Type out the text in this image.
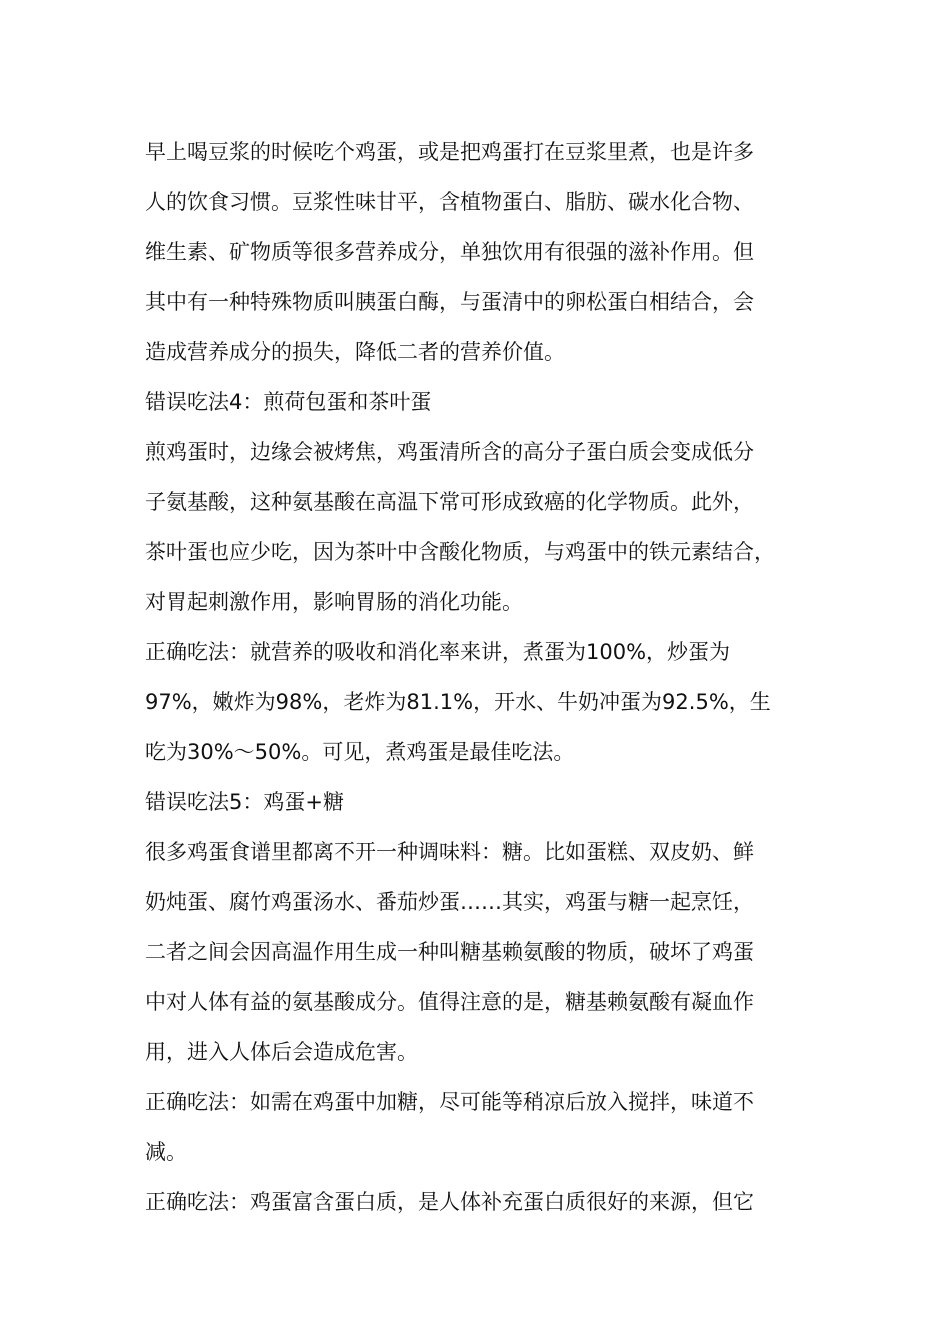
早上喝豆浆的时候吃个鸡蛋，或是把鸡蛋打在豆浆里煮，也是许多
人的饮食习惯。豆浆性味甘平，含植物蛋白、脂肪、碳水化合物、
维生素、矿物质等很多营养成分，单独饮用有很强的滋补作用。但
其中有一种特殊物质叫胰蛋白酶，与蛋清中的卵松蛋白相结合，会
造成营养成分的损失，降低二者的营养价值。
错误吃法4：煎荷包蛋和茶叶蛋
煎鸡蛋时，边缘会被烤焦，鸡蛋清所含的高分子蛋白质会变成低分
子氨基酸，这种氨基酸在高温下常可形成致癌的化学物质。此外，
茶叶蛋也应少吃，因为茶叶中含酸化物质，与鸡蛋中的铁元素结合，
对胃起刺激作用，影响胃肠的消化功能。
正确吃法：就营养的吸收和消化率来讲，煮蛋为100%，炒蛋为
97%，嫩炸为98%，老炸为81.1%，开水、牛奶冲蛋为92.5%，生
吃为30%～50%。可见，煮鸡蛋是最佳吃法。
错误吃法5：鸡蛋+糖
很多鸡蛋食谱里都离不开一种调味料：糖。比如蛋糕、双皮奶、鲜
奶炖蛋、腐竹鸡蛋汤水、番茄炒蛋……其实，鸡蛋与糖一起烹饪，
二者之间会因高温作用生成一种叫糖基赖氨酸的物质，破坏了鸡蛋
中对人体有益的氨基酸成分。值得注意的是，糖基赖氨酸有凝血作
用，进入人体后会造成危害。
正确吃法：如需在鸡蛋中加糖，尽可能等稍凉后放入搅拌，味道不
减。
正确吃法：鸡蛋富含蛋白质，是人体补充蛋白质很好的来源，但它
